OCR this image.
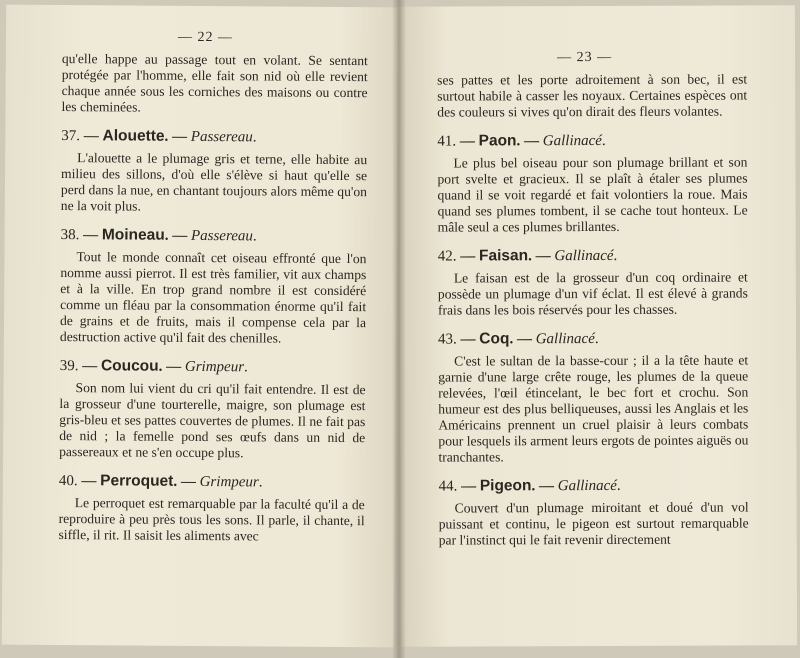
— 22 —

qu'elle happe au passage tout en volant. Se sentant protégée par l'homme, elle fait son nid où elle revient chaque année sous les corniches des maisons ou contre les cheminées.

37. — Alouette. — Passereau.

L'alouette a le plumage gris et terne, elle habite au milieu des sillons, d'où elle s'élève si haut qu'elle se perd dans la nue, en chantant toujours alors même qu'on ne la voit plus.

38. — Moineau. — Passereau.

Tout le monde connaît cet oiseau effronté que l'on nomme aussi pierrot. Il est très familier, vit aux champs et à la ville. En trop grand nombre il est considéré comme un fléau par la consommation énorme qu'il fait de grains et de fruits, mais il compense cela par la destruction active qu'il fait des chenilles.

39. — Coucou. — Grimpeur.

Son nom lui vient du cri qu'il fait entendre. Il est de la grosseur d'une tourterelle, maigre, son plumage est gris-bleu et ses pattes couvertes de plumes. Il ne fait pas de nid ; la femelle pond ses œufs dans un nid de passereaux et ne s'en occupe plus.

40. — Perroquet. — Grimpeur.

Le perroquet est remarquable par la faculté qu'il a de reproduire à peu près tous les sons. Il parle, il chante, il siffle, il rit. Il saisit les aliments avec

— 23 —

ses pattes et les porte adroitement à son bec, il est surtout habile à casser les noyaux. Certaines espèces ont des couleurs si vives qu'on dirait des fleurs volantes.

41. — Paon. — Gallinacé.

Le plus bel oiseau pour son plumage brillant et son port svelte et gracieux. Il se plaît à étaler ses plumes quand il se voit regardé et fait volontiers la roue. Mais quand ses plumes tombent, il se cache tout honteux. Le mâle seul a ces plumes brillantes.

42. — Faisan. — Gallinacé.

Le faisan est de la grosseur d'un coq ordinaire et possède un plumage d'un vif éclat. Il est élevé à grands frais dans les bois réservés pour les chasses.

43. — Coq. — Gallinacé.

C'est le sultan de la basse-cour ; il a la tête haute et garnie d'une large crête rouge, les plumes de la queue relevées, l'œil étincelant, le bec fort et crochu. Son humeur est des plus belliqueuses, aussi les Anglais et les Américains prennent un cruel plaisir à leurs combats pour lesquels ils arment leurs ergots de pointes aiguës ou tranchantes.

44. — Pigeon. — Gallinacé.

Couvert d'un plumage miroitant et doué d'un vol puissant et continu, le pigeon est surtout remarquable par l'instinct qui le fait revenir directement
